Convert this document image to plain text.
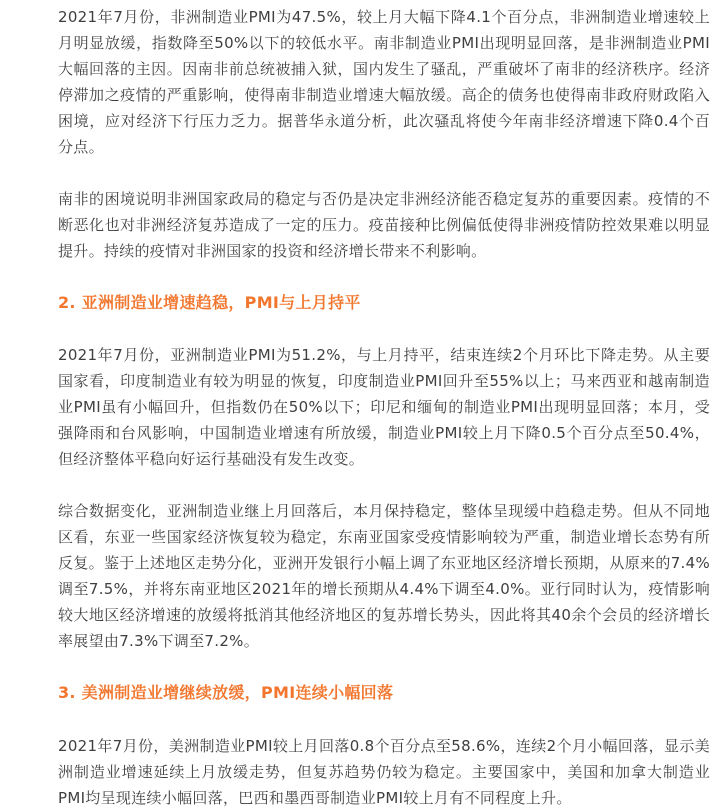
2021年7月份，非洲制造业PMI为47.5%，较上月大幅下降4.1个百分点，非洲制造业增速较上月明显放缓，指数降至50%以下的较低水平。南非制造业PMI出现明显回落，是非洲制造业PMI大幅回落的主因。因南非前总统被捕入狱，国内发生了骚乱，严重破坏了南非的经济秩序。经济停滞加之疫情的严重影响，使得南非制造业增速大幅放缓。高企的债务也使得南非政府财政陷入困境，应对经济下行压力乏力。据普华永道分析，此次骚乱将使今年南非经济增速下降0.4个百分点。

南非的困境说明非洲国家政局的稳定与否仍是决定非洲经济能否稳定复苏的重要因素。疫情的不断恶化也对非洲经济复苏造成了一定的压力。疫苗接种比例偏低使得非洲疫情防控效果难以明显提升。持续的疫情对非洲国家的投资和经济增长带来不利影响。

2. 亚洲制造业增速趋稳，PMI与上月持平

2021年7月份，亚洲制造业PMI为51.2%，与上月持平，结束连续2个月环比下降走势。从主要国家看，印度制造业有较为明显的恢复，印度制造业PMI回升至55%以上；马来西亚和越南制造业PMI虽有小幅回升，但指数仍在50%以下；印尼和缅甸的制造业PMI出现明显回落；本月，受强降雨和台风影响，中国制造业增速有所放缓，制造业PMI较上月下降0.5个百分点至50.4%，但经济整体平稳向好运行基础没有发生改变。

综合数据变化，亚洲制造业继上月回落后，本月保持稳定，整体呈现缓中趋稳走势。但从不同地区看，东亚一些国家经济恢复较为稳定，东南亚国家受疫情影响较为严重，制造业增长态势有所反复。鉴于上述地区走势分化，亚洲开发银行小幅上调了东亚地区经济增长预期，从原来的7.4%调至7.5%，并将东南亚地区2021年的增长预期从4.4%下调至4.0%。亚行同时认为，疫情影响较大地区经济增速的放缓将抵消其他经济地区的复苏增长势头，因此将其40余个会员的经济增长率展望由7.3%下调至7.2%。

3. 美洲制造业增继续放缓，PMI连续小幅回落

2021年7月份，美洲制造业PMI较上月回落0.8个百分点至58.6%，连续2个月小幅回落，显示美洲制造业增速延续上月放缓走势，但复苏趋势仍较为稳定。主要国家中，美国和加拿大制造业PMI均呈现连续小幅回落，巴西和墨西哥制造业PMI较上月有不同程度上升。
